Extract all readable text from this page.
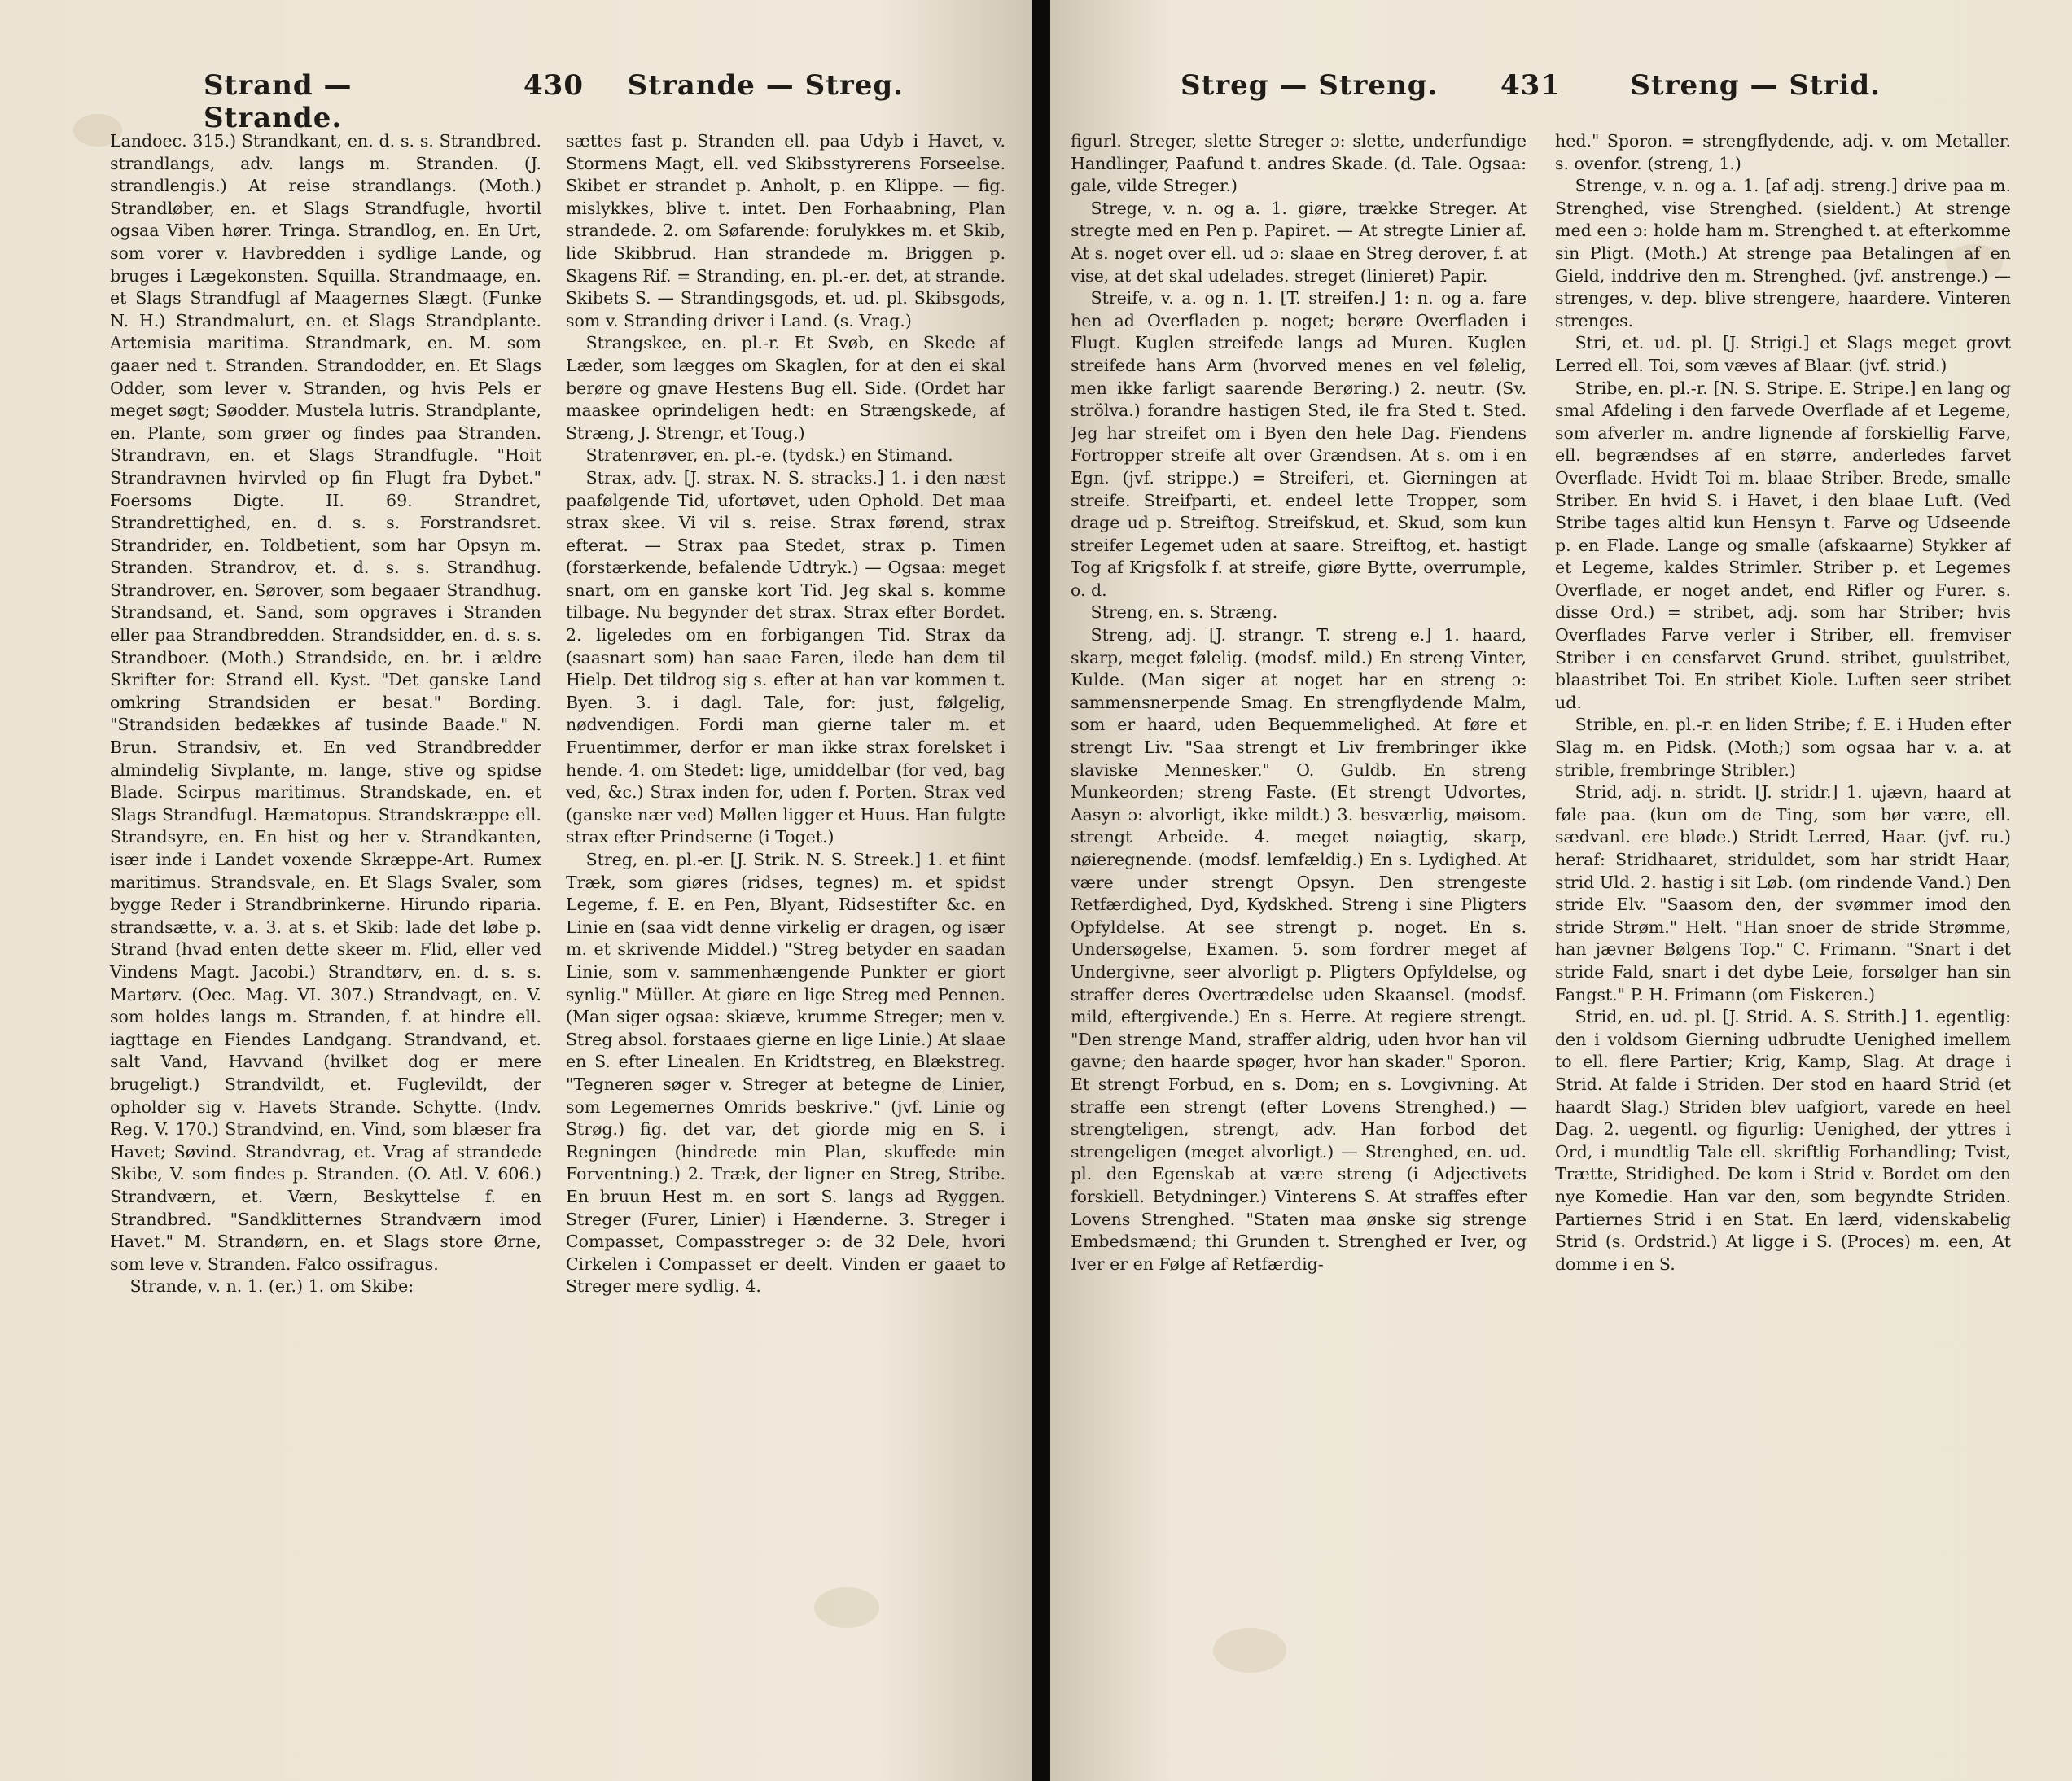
Strand — Strande.
430	Strande — Streg.

Landoec. 315.) Strandkant, en. d. s. s. Strandbred. strandlangs, adv. langs m. Stranden. (J. strandlengis.) At reise strandlangs. (Moth.) Strandløber, en. et Slags Strandfugle, hvortil ogsaa Viben hører. Tringa. Strandlog, en. En Urt, som vorer v. Havbredden i sydlige Lande, og bruges i Lægekonsten. Squilla. Strandmaage, en. et Slags Strandfugl af Maagernes Slægt. (Funke N. H.) Strandmalurt, en. et Slags Strandplante. Artemisia maritima. Strandmark, en. M. som gaaer ned t. Stranden. Strandodder, en. Et Slags Odder, som lever v. Stranden, og hvis Pels er meget søgt; Søodder. Mustela lutris. Strandplante, en. Plante, som grøer og findes paa Stranden. Strandravn, en. et Slags Strandfugle. "Hoit Strandravnen hvirvled op fin Flugt fra Dybet." Foersoms Digte. II. 69. Strandret, Strandrettighed, en. d. s. s. Forstrandsret. Strandrider, en. Toldbetient, som har Opsyn m. Stranden. Strandrov, et. d. s. s. Strandhug. Strandrover, en. Sørover, som begaaer Strandhug. Strandsand, et. Sand, som opgraves i Stranden eller paa Strandbredden. Strandsidder, en. d. s. s. Strandboer. (Moth.) Strandside, en. br. i ældre Skrifter for: Strand ell. Kyst. "Det ganske Land omkring Strandsiden er besat." Bording. "Strandsiden bedækkes af tusinde Baade." N. Brun. Strandsiv, et. En ved Strandbredder almindelig Sivplante, m. lange, stive og spidse Blade. Scirpus maritimus. Strandskade, en. et Slags Strandfugl. Hæmatopus. Strandskræppe ell. Strandsyre, en. En hist og her v. Strandkanten, især inde i Landet voxende Skræppe-Art. Rumex maritimus. Strandsvale, en. Et Slags Svaler, som bygge Reder i Strandbrinkerne. Hirundo riparia. strandsætte, v. a. 3. at s. et Skib: lade det løbe p. Strand (hvad enten dette skeer m. Flid, eller ved Vindens Magt. Jacobi.) Strandtørv, en. d. s. s. Martørv. (Oec. Mag. VI. 307.) Strandvagt, en. V. som holdes langs m. Stranden, f. at hindre ell. iagttage en Fiendes Landgang. Strandvand, et. salt Vand, Havvand (hvilket dog er mere brugeligt.) Strandvildt, et. Fuglevildt, der opholder sig v. Havets Strande. Schytte. (Indv. Reg. V. 170.) Strandvind, en. Vind, som blæser fra Havet; Søvind. Strandvrag, et. Vrag af strandede Skibe, V. som findes p. Stranden. (O. Atl. V. 606.) Strandværn, et. Værn, Beskyttelse f. en Strandbred. "Sandklitternes Strandværn imod Havet." M. Strandørn, en. et Slags store Ørne, som leve v. Stranden. Falco ossifragus.

Strande, v. n. 1. (er.) 1. om Skibe:

sættes fast p. Stranden ell. paa Udyb i Havet, v. Stormens Magt, ell. ved Skibsstyrerens Forseelse. Skibet er strandet p. Anholt, p. en Klippe. — fig. mislykkes, blive t. intet. Den Forhaabning, Plan strandede. 2. om Søfarende: forulykkes m. et Skib, lide Skibbrud. Han strandede m. Briggen p. Skagens Rif. = Stranding, en. pl.-er. det, at strande. Skibets S. — Strandingsgods, et. ud. pl. Skibsgods, som v. Stranding driver i Land. (s. Vrag.)

Strangskee, en. pl.-r. Et Svøb, en Skede af Læder, som lægges om Skaglen, for at den ei skal berøre og gnave Hestens Bug ell. Side. (Ordet har maaskee oprindeligen hedt: en Strængskede, af Stræng, J. Strengr, et Toug.)

Stratenrøver, en. pl.-e. (tydsk.) en Stimand.

Strax, adv. [J. strax. N. S. stracks.] 1. i den næst paafølgende Tid, ufortøvet, uden Ophold. Det maa strax skee. Vi vil s. reise. Strax førend, strax efterat. — Strax paa Stedet, strax p. Timen (forstærkende, befalende Udtryk.) — Ogsaa: meget snart, om en ganske kort Tid. Jeg skal s. komme tilbage. Nu begynder det strax. Strax efter Bordet. 2. ligeledes om en forbigangen Tid. Strax da (saasnart som) han saae Faren, ilede han dem til Hielp. Det tildrog sig s. efter at han var kommen t. Byen. 3. i dagl. Tale, for: just, følgelig, nødvendigen. Fordi man gierne taler m. et Fruentimmer, derfor er man ikke strax forelsket i hende. 4. om Stedet: lige, umiddelbar (for ved, bag ved, &c.) Strax inden for, uden f. Porten. Strax ved (ganske nær ved) Møllen ligger et Huus. Han fulgte strax efter Prindserne (i Toget.)

Streg, en. pl.-er. [J. Strik. N. S. Streek.] 1. et fiint Træk, som giøres (ridses, tegnes) m. et spidst Legeme, f. E. en Pen, Blyant, Ridsestifter &c. en Linie en (saa vidt denne virkelig er dragen, og især m. et skrivende Middel.) "Streg betyder en saadan Linie, som v. sammenhængende Punkter er giort synlig." Müller. At giøre en lige Streg med Pennen. (Man siger ogsaa: skiæve, krumme Streger; men v. Streg absol. forstaaes gierne en lige Linie.) At slaae en S. efter Linealen. En Kridtstreg, en Blækstreg. "Tegneren søger v. Streger at betegne de Linier, som Legemernes Omrids beskrive." (jvf. Linie og Strøg.) fig. det var, det giorde mig en S. i Regningen (hindrede min Plan, skuffede min Forventning.) 2. Træk, der ligner en Streg, Stribe. En bruun Hest m. en sort S. langs ad Ryggen. Streger (Furer, Linier) i Hænderne. 3. Streger i Compasset, Compasstreger ɔ: de 32 Dele, hvori Cirkelen i Compasset er deelt. Vinden er gaaet to Streger mere sydlig. 4.

Streg — Streng.	431	Streng — Strid.

figurl. Streger, slette Streger ɔ: slette, underfundige Handlinger, Paafund t. andres Skade. (d. Tale. Ogsaa: gale, vilde Streger.)

Strege, v. n. og a. 1. giøre, trække Streger. At stregte med en Pen p. Papiret. — At stregte Linier af. At s. noget over ell. ud ɔ: slaae en Streg derover, f. at vise, at det skal udelades. streget (linieret) Papir.

Streife, v. a. og n. 1. [T. streifen.] 1: n. og a. fare hen ad Overfladen p. noget; berøre Overfladen i Flugt. Kuglen streifede langs ad Muren. Kuglen streifede hans Arm (hvorved menes en vel følelig, men ikke farligt saarende Berøring.) 2. neutr. (Sv. strölva.) forandre hastigen Sted, ile fra Sted t. Sted. Jeg har streifet om i Byen den hele Dag. Fiendens Fortropper streife alt over Grændsen. At s. om i en Egn. (jvf. strippe.) = Streiferi, et. Gierningen at streife. Streifparti, et. endeel lette Tropper, som drage ud p. Streiftog. Streifskud, et. Skud, som kun streifer Legemet uden at saare. Streiftog, et. hastigt Tog af Krigsfolk f. at streife, giøre Bytte, overrumple, o. d.

Streng, en. s. Stræng.

Streng, adj. [J. strangr. T. streng e.] 1. haard, skarp, meget følelig. (modsf. mild.) En streng Vinter, Kulde. (Man siger at noget har en streng ɔ: sammensnerpende Smag. En strengflydende Malm, som er haard, uden Bequemmelighed. At føre et strengt Liv. "Saa strengt et Liv frembringer ikke slaviske Mennesker." O. Guldb. En streng Munkeorden; streng Faste. (Et strengt Udvortes, Aasyn ɔ: alvorligt, ikke mildt.) 3. besværlig, møisom. strengt Arbeide. 4. meget nøiagtig, skarp, nøieregnende. (modsf. lemfældig.) En s. Lydighed. At være under strengt Opsyn. Den strengeste Retfærdighed, Dyd, Kydskhed. Streng i sine Pligters Opfyldelse. At see strengt p. noget. En s. Undersøgelse, Examen. 5. som fordrer meget af Undergivne, seer alvorligt p. Pligters Opfyldelse, og straffer deres Overtrædelse uden Skaansel. (modsf. mild, eftergivende.) En s. Herre. At regiere strengt. "Den strenge Mand, straffer aldrig, uden hvor han vil gavne; den haarde spøger, hvor han skader." Sporon. Et strengt Forbud, en s. Dom; en s. Lovgivning. At straffe een strengt (efter Lovens Strenghed.) — strengteligen, strengt, adv. Han forbod det strengeligen (meget alvorligt.) — Strenghed, en. ud. pl. den Egenskab at være streng (i Adjectivets forskiell. Betydninger.) Vinterens S. At straffes efter Lovens Strenghed. "Staten maa ønske sig strenge Embedsmænd; thi Grunden t. Strenghed er Iver, og Iver er en Følge af Retfærdig-

hed." Sporon. = strengflydende, adj. v. om Metaller. s. ovenfor. (streng, 1.)

Strenge, v. n. og a. 1. [af adj. streng.] drive paa m. Strenghed, vise Strenghed. (sieldent.) At strenge med een ɔ: holde ham m. Strenghed t. at efterkomme sin Pligt. (Moth.) At strenge paa Betalingen af en Gield, inddrive den m. Strenghed. (jvf. anstrenge.) — strenges, v. dep. blive strengere, haardere. Vinteren strenges.

Stri, et. ud. pl. [J. Strigi.] et Slags meget grovt Lerred ell. Toi, som væves af Blaar. (jvf. strid.)

Stribe, en. pl.-r. [N. S. Stripe. E. Stripe.] en lang og smal Afdeling i den farvede Overflade af et Legeme, som afverler m. andre lignende af forskiellig Farve, ell. begrændses af en større, anderledes farvet Overflade. Hvidt Toi m. blaae Striber. Brede, smalle Striber. En hvid S. i Havet, i den blaae Luft. (Ved Stribe tages altid kun Hensyn t. Farve og Udseende p. en Flade. Lange og smalle (afskaarne) Stykker af et Legeme, kaldes Strimler. Striber p. et Legemes Overflade, er noget andet, end Rifler og Furer. s. disse Ord.) = stribet, adj. som har Striber; hvis Overflades Farve verler i Striber, ell. fremviser Striber i en censfarvet Grund. stribet, guulstribet, blaastribet Toi. En stribet Kiole. Luften seer stribet ud.

Strible, en. pl.-r. en liden Stribe; f. E. i Huden efter Slag m. en Pidsk. (Moth;) som ogsaa har v. a. at strible, frembringe Stribler.)

Strid, adj. n. stridt. [J. stridr.] 1. ujævn, haard at føle paa. (kun om de Ting, som bør være, ell. sædvanl. ere bløde.) Stridt Lerred, Haar. (jvf. ru.) heraf: Stridhaaret, striduldet, som har stridt Haar, strid Uld. 2. hastig i sit Løb. (om rindende Vand.) Den stride Elv. "Saasom den, der svømmer imod den stride Strøm." Helt. "Han snoer de stride Strømme, han jævner Bølgens Top." C. Frimann. "Snart i det stride Fald, snart i det dybe Leie, forsølger han sin Fangst." P. H. Frimann (om Fiskeren.)

Strid, en. ud. pl. [J. Strid. A. S. Strith.] 1. egentlig: den i voldsom Gierning udbrudte Uenighed imellem to ell. flere Partier; Krig, Kamp, Slag. At drage i Strid. At falde i Striden. Der stod en haard Strid (et haardt Slag.) Striden blev uafgiort, varede en heel Dag. 2. uegentl. og figurlig: Uenighed, der yttres i Ord, i mundtlig Tale ell. skriftlig Forhandling; Tvist, Trætte, Stridighed. De kom i Strid v. Bordet om den nye Komedie. Han var den, som begyndte Striden. Partiernes Strid i en Stat. En lærd, videnskabelig Strid (s. Ordstrid.) At ligge i S. (Proces) m. een, At domme i en S.
